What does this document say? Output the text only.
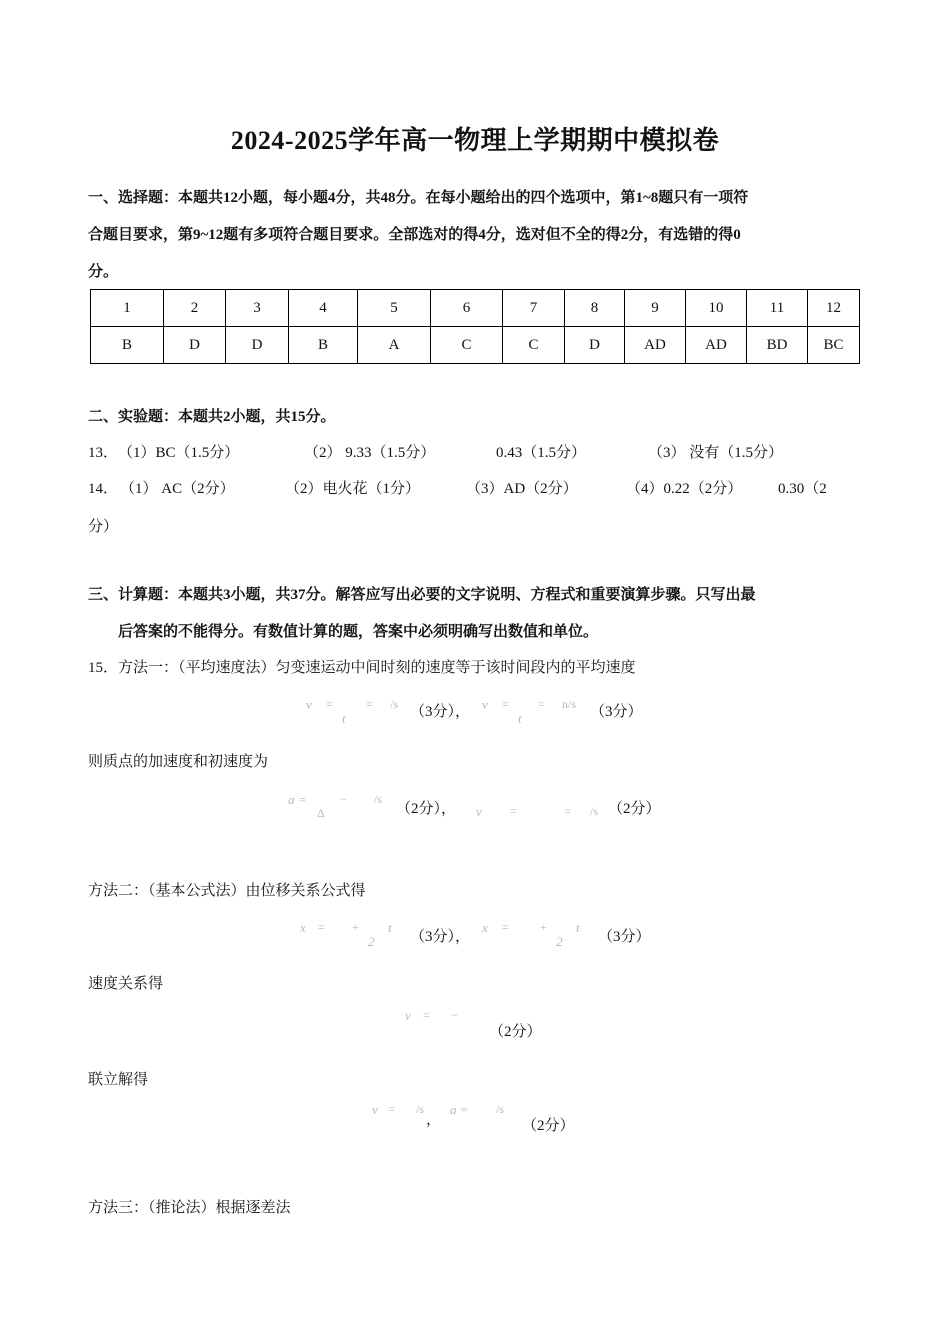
2024-2025学年高一物理上学期期中模拟卷
一、选择题：本题共12小题，每小题4分，共48分。在每小题给出的四个选项中，第1~8题只有一项符
合题目要求，第9~12题有多项符合题目要求。全部选对的得4分，选对但不全的得2分，有选错的得0
分。
1	2	3	4	5	6	7	8	9	10	11	12
B	D	D	B	A	C	C	D	AD	AD	BD	BC
二、实验题：本题共2小题，共15分。
13． （1）BC（1.5分）	（2） 9.33（1.5分）	0.43（1.5分）	（3） 没有（1.5分）
14． （1） AC（2分）	（2）电火花（1分）	（3）AD（2分）	（4）0.22（2分） 0.30（2
分）
三、计算题：本题共3小题，共37分。解答应写出必要的文字说明、方程式和重要演算步骤。只写出最
后答案的不能得分。有数值计算的题，答案中必须明确写出数值和单位。
15．方法一：（平均速度法）匀变速运动中间时刻的速度等于该时间段内的平均速度
v =
t
= /s （3分）， v =
t
= n/s （3分）
则质点的加速度和初速度为
a =
Δ
− /s
（2分）， v =	= /s （2分）
方法二：（基本公式法）由位移关系公式得
x = +
2
t
（3分），
x =	+
2
t
（3分）
速度关系得
v = −
（2分）
联立解得
v = /s
，
a = /s
（2分）
方法三：（推论法）根据逐差法
